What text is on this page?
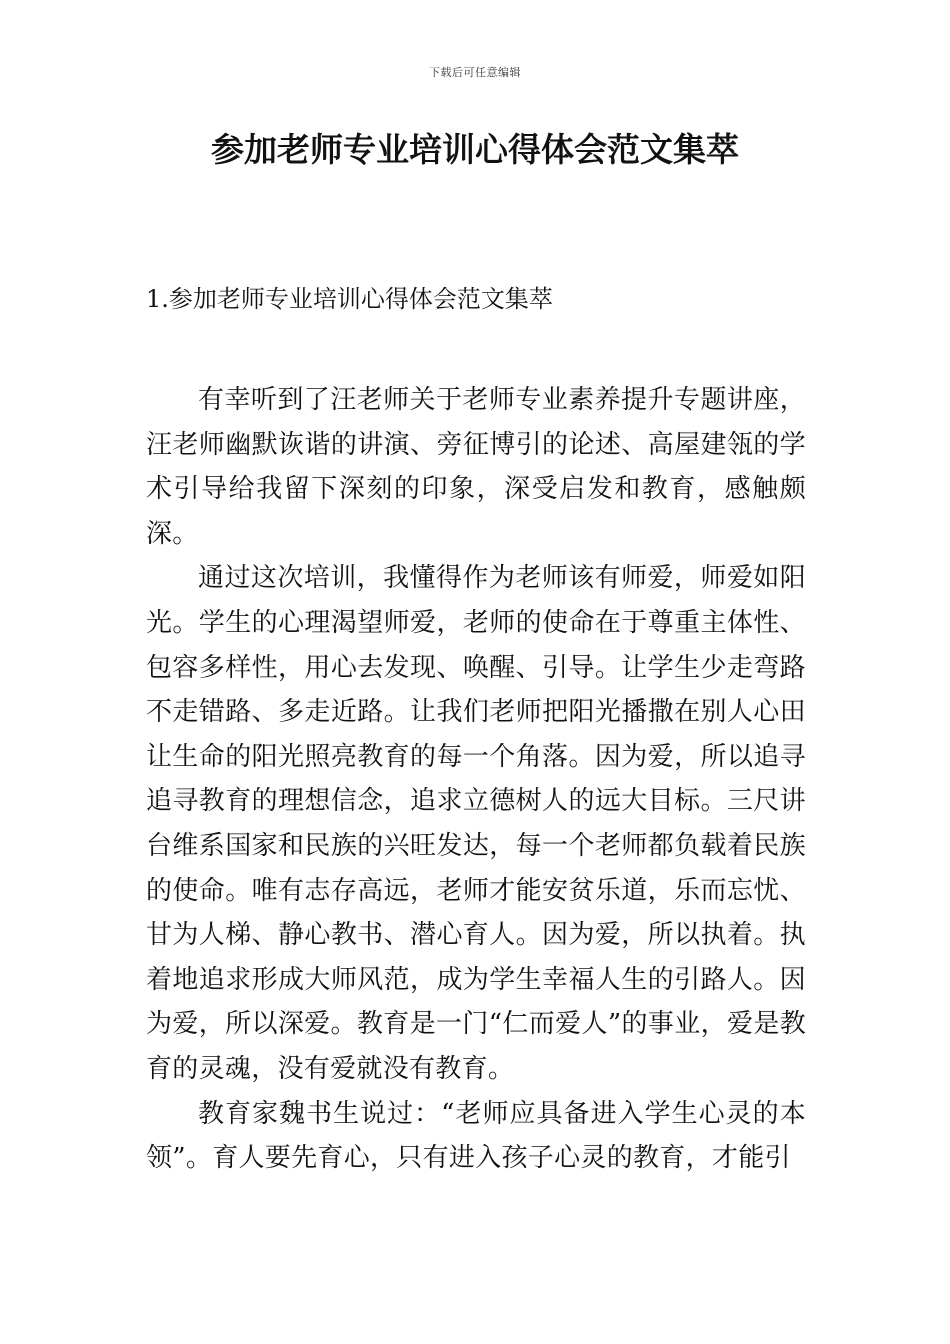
下载后可任意编辑
参加老师专业培训心得体会范文集萃
1.参加老师专业培训心得体会范文集萃

有幸听到了汪老师关于老师专业素养提升专题讲座，汪老师幽默诙谐的讲演、旁征博引的论述、高屋建瓴的学术引导给我留下深刻的印象，深受启发和教育，感触颇深。

通过这次培训，我懂得作为老师该有师爱，师爱如阳光。学生的心理渴望师爱，老师的使命在于尊重主体性、包容多样性，用心去发现、唤醒、引导。让学生少走弯路不走错路、多走近路。让我们老师把阳光播撒在别人心田让生命的阳光照亮教育的每一个角落。因为爱，所以追寻追寻教育的理想信念，追求立德树人的远大目标。三尺讲台维系国家和民族的兴旺发达，每一个老师都负载着民族的使命。唯有志存高远，老师才能安贫乐道，乐而忘忧、甘为人梯、静心教书、潜心育人。因为爱，所以执着。执着地追求形成大师风范，成为学生幸福人生的引路人。因为爱，所以深爱。教育是一门“仁而爱人”的事业，爱是教育的灵魂，没有爱就没有教育。

教育家魏书生说过：“老师应具备进入学生心灵的本领”。育人要先育心，只有进入孩子心灵的教育，才能引
